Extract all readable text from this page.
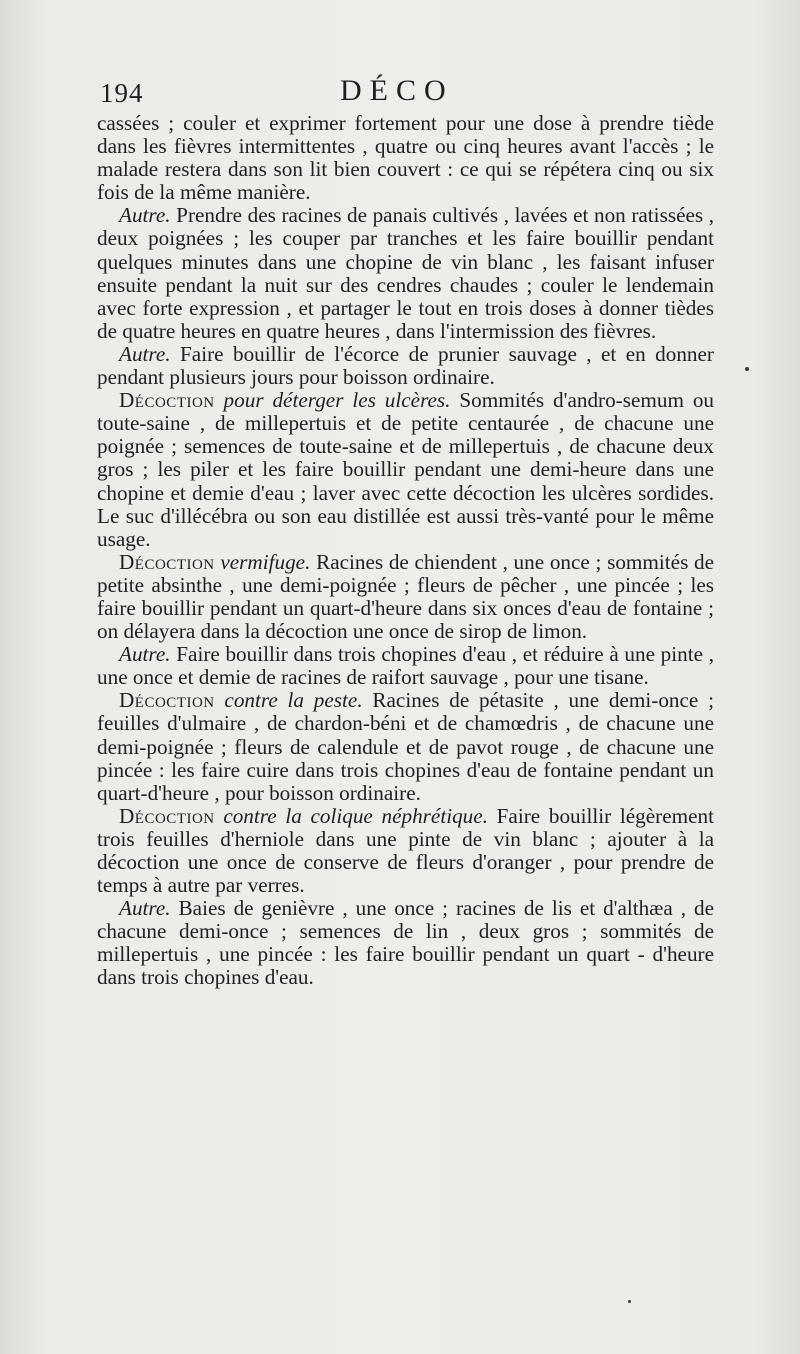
194	DÉCO

cassées ; couler et exprimer fortement pour une dose à prendre tiède dans les fièvres intermittentes , quatre ou cinq heures avant l'accès ; le malade restera dans son lit bien couvert : ce qui se répétera cinq ou six fois de la même manière.

Autre. Prendre des racines de panais cultivés , lavées et non ratissées , deux poignées ; les couper par tranches et les faire bouillir pendant quelques minutes dans une chopine de vin blanc , les faisant infuser ensuite pendant la nuit sur des cendres chaudes ; couler le lendemain avec forte expression , et partager le tout en trois doses à donner tièdes de quatre heures en quatre heures , dans l'intermission des fièvres.

Autre. Faire bouillir de l'écorce de prunier sauvage , et en donner pendant plusieurs jours pour boisson ordinaire.

Décoction pour déterger les ulcères. Sommités d'andro-semum ou toute-saine , de millepertuis et de petite centaurée , de chacune une poignée ; semences de toute-saine et de millepertuis , de chacune deux gros ; les piler et les faire bouillir pendant une demi-heure dans une chopine et demie d'eau ; laver avec cette décoction les ulcères sordides. Le suc d'illécébra ou son eau distillée est aussi très-vanté pour le même usage.

Décoction vermifuge. Racines de chiendent , une once ; sommités de petite absinthe , une demi-poignée ; fleurs de pêcher , une pincée ; les faire bouillir pendant un quart-d'heure dans six onces d'eau de fontaine ; on délayera dans la décoction une once de sirop de limon.

Autre. Faire bouillir dans trois chopines d'eau , et réduire à une pinte , une once et demie de racines de raifort sauvage , pour une tisane.

Décoction contre la peste. Racines de pétasite , une demi-once ; feuilles d'ulmaire , de chardon-béni et de chamœdris , de chacune une demi-poignée ; fleurs de calendule et de pavot rouge , de chacune une pincée : les faire cuire dans trois chopines d'eau de fontaine pendant un quart-d'heure , pour boisson ordinaire.

Décoction contre la colique néphrétique. Faire bouillir légèrement trois feuilles d'herniole dans une pinte de vin blanc ; ajouter à la décoction une once de conserve de fleurs d'oranger , pour prendre de temps à autre par verres.

Autre. Baies de genièvre , une once ; racines de lis et d'althæa , de chacune demi-once ; semences de lin , deux gros ; sommités de millepertuis , une pincée : les faire bouillir pendant un quart - d'heure dans trois chopines d'eau.
